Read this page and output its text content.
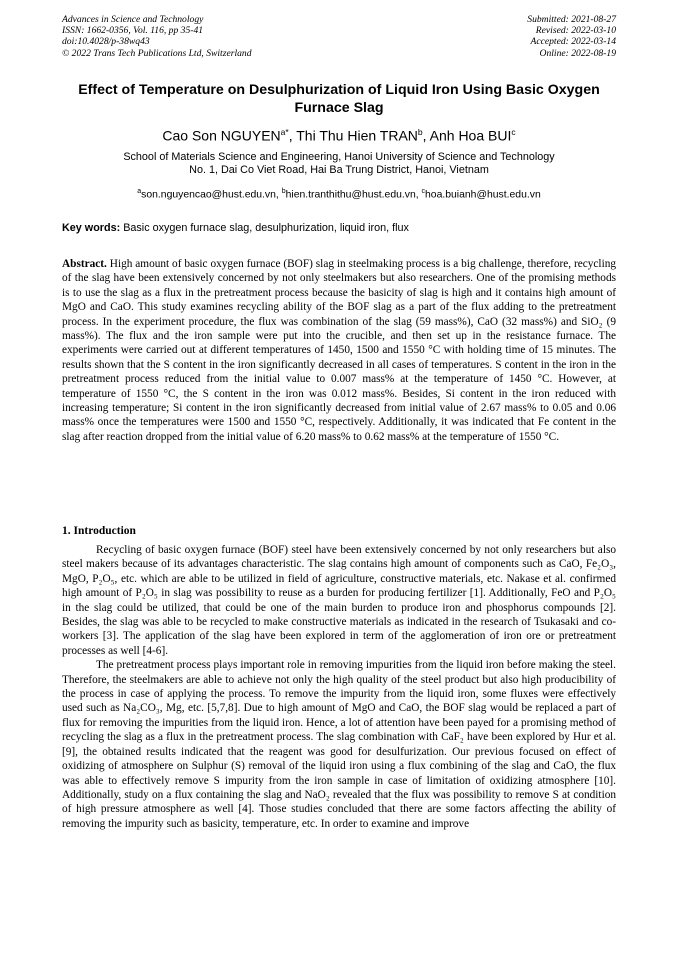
Advances in Science and Technology
ISSN: 1662-0356, Vol. 116, pp 35-41
doi:10.4028/p-38wq43
© 2022 Trans Tech Publications Ltd, Switzerland
Submitted: 2021-08-27
Revised: 2022-03-10
Accepted: 2022-03-14
Online: 2022-08-19
Effect of Temperature on Desulphurization of Liquid Iron Using Basic Oxygen Furnace Slag
Cao Son $NGUYEN^{a*}$, Thi Thu Hien TRAN$^b$, Anh Hoa BUI$^c$
School of Materials Science and Engineering, Hanoi University of Science and Technology
No. 1, Dai Co Viet Road, Hai Ba Trung District, Hanoi, Vietnam
$^a$son.nguyencao@hust.edu.vn, $^b$hien.tranthithu@hust.edu.vn, $^c$hoa.buianh@hust.edu.vn
Key words: Basic oxygen furnace slag, desulphurization, liquid iron, flux
Abstract. High amount of basic oxygen furnace (BOF) slag in steelmaking process is a big challenge, therefore, recycling of the slag have been extensively concerned by not only steelmakers but also researchers. One of the promising methods is to use the slag as a flux in the pretreatment process because the basicity of slag is high and it contains high amount of MgO and CaO. This study examines recycling ability of the BOF slag as a part of the flux adding to the pretreatment process. In the experiment procedure, the flux was combination of the slag (59 mass%), CaO (32 mass%) and SiO₂ (9 mass%). The flux and the iron sample were put into the crucible, and then set up in the resistance furnace. The experiments were carried out at different temperatures of 1450, 1500 and 1550 °C with holding time of 15 minutes. The results shown that the S content in the iron significantly decreased in all cases of temperatures. S content in the iron in the pretreatment process reduced from the initial value to 0.007 mass% at the temperature of 1450 °C. However, at temperature of 1550 °C, the S content in the iron was 0.012 mass%. Besides, Si content in the iron reduced with increasing temperature; Si content in the iron significantly decreased from initial value of 2.67 mass% to 0.05 and 0.06 mass% once the temperatures were 1500 and 1550 °C, respectively. Additionally, it was indicated that Fe content in the slag after reaction dropped from the initial value of 6.20 mass% to 0.62 mass% at the temperature of 1550 °C.
1. Introduction

Recycling of basic oxygen furnace (BOF) steel have been extensively concerned by not only researchers but also steel makers because of its advantages characteristic. The slag contains high amount of components such as CaO, Fe₂O₃, MgO, P₂O₅, etc. which are able to be utilized in field of agriculture, constructive materials, etc. Nakase et al. confirmed high amount of P₂O₅ in slag was possibility to reuse as a burden for producing fertilizer [1]. Additionally, FeO and P₂O₅ in the slag could be utilized, that could be one of the main burden to produce iron and phosphorus compounds [2]. Besides, the slag was able to be recycled to make constructive materials as indicated in the research of Tsukasaki and co-workers [3]. The application of the slag have been explored in term of the agglomeration of iron ore or pretreatment processes as well [4-6].

The pretreatment process plays important role in removing impurities from the liquid iron before making the steel. Therefore, the steelmakers are able to achieve not only the high quality of the steel product but also high producibility of the process in case of applying the process. To remove the impurity from the liquid iron, some fluxes were effectively used such as Na₂CO₃, Mg, etc. [5,7,8]. Due to high amount of MgO and CaO, the BOF slag would be replaced a part of flux for removing the impurities from the liquid iron. Hence, a lot of attention have been payed for a promising method of recycling the slag as a flux in the pretreatment process. The slag combination with CaF₂ have been explored by Hur et al. [9], the obtained results indicated that the reagent was good for desulfurization. Our previous focused on effect of oxidizing of atmosphere on Sulphur (S) removal of the liquid iron using a flux combining of the slag and CaO, the flux was able to effectively remove S impurity from the iron sample in case of limitation of oxidizing atmosphere [10]. Additionally, study on a flux containing the slag and NaO₂ revealed that the flux was possibility to remove S at condition of high pressure atmosphere as well [4]. Those studies concluded that there are some factors affecting the ability of removing the impurity such as basicity, temperature, etc. In order to examine and improve
